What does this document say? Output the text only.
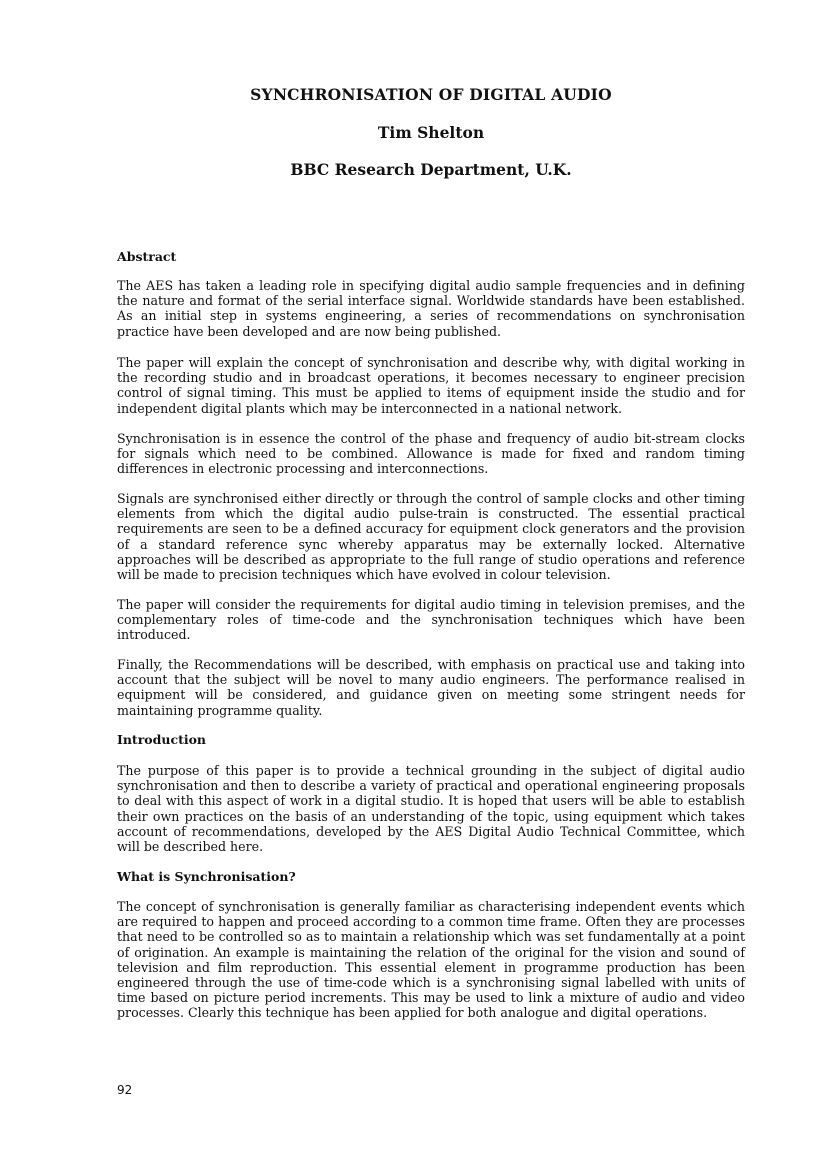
SYNCHRONISATION OF DIGITAL AUDIO
Tim Shelton
BBC Research Department, U.K.
Abstract

The AES has taken a leading role in specifying digital audio sample frequencies and in defining the nature and format of the serial interface signal. Worldwide standards have been established. As an initial step in systems engineering, a series of recommendations on synchronisation practice have been developed and are now being published.

The paper will explain the concept of synchronisation and describe why, with digital working in the recording studio and in broadcast operations, it becomes necessary to engineer precision control of signal timing. This must be applied to items of equipment inside the studio and for independent digital plants which may be interconnected in a national network.

Synchronisation is in essence the control of the phase and frequency of audio bit-stream clocks for signals which need to be combined. Allowance is made for fixed and random timing differences in electronic processing and interconnections.

Signals are synchronised either directly or through the control of sample clocks and other timing elements from which the digital audio pulse-train is constructed. The essential practical requirements are seen to be a defined accuracy for equipment clock generators and the provision of a standard reference sync whereby apparatus may be externally locked. Alternative approaches will be described as appropriate to the full range of studio operations and reference will be made to precision techniques which have evolved in colour television.

The paper will consider the requirements for digital audio timing in television premises, and the complementary roles of time-code and the synchronisation techniques which have been introduced.

Finally, the Recommendations will be described, with emphasis on practical use and taking into account that the subject will be novel to many audio engineers. The performance realised in equipment will be considered, and guidance given on meeting some stringent needs for maintaining programme quality.

Introduction

The purpose of this paper is to provide a technical grounding in the subject of digital audio synchronisation and then to describe a variety of practical and operational engineering proposals to deal with this aspect of work in a digital studio. It is hoped that users will be able to establish their own practices on the basis of an understanding of the topic, using equipment which takes account of recommendations, developed by the AES Digital Audio Technical Committee, which will be described here.

What is Synchronisation?

The concept of synchronisation is generally familiar as characterising independent events which are required to happen and proceed according to a common time frame. Often they are processes that need to be controlled so as to maintain a relationship which was set fundamentally at a point of origination. An example is maintaining the relation of the original for the vision and sound of television and film reproduction. This essential element in programme production has been engineered through the use of time-code which is a synchronising signal labelled with units of time based on picture period increments. This may be used to link a mixture of audio and video processes. Clearly this technique has been applied for both analogue and digital operations.

92
